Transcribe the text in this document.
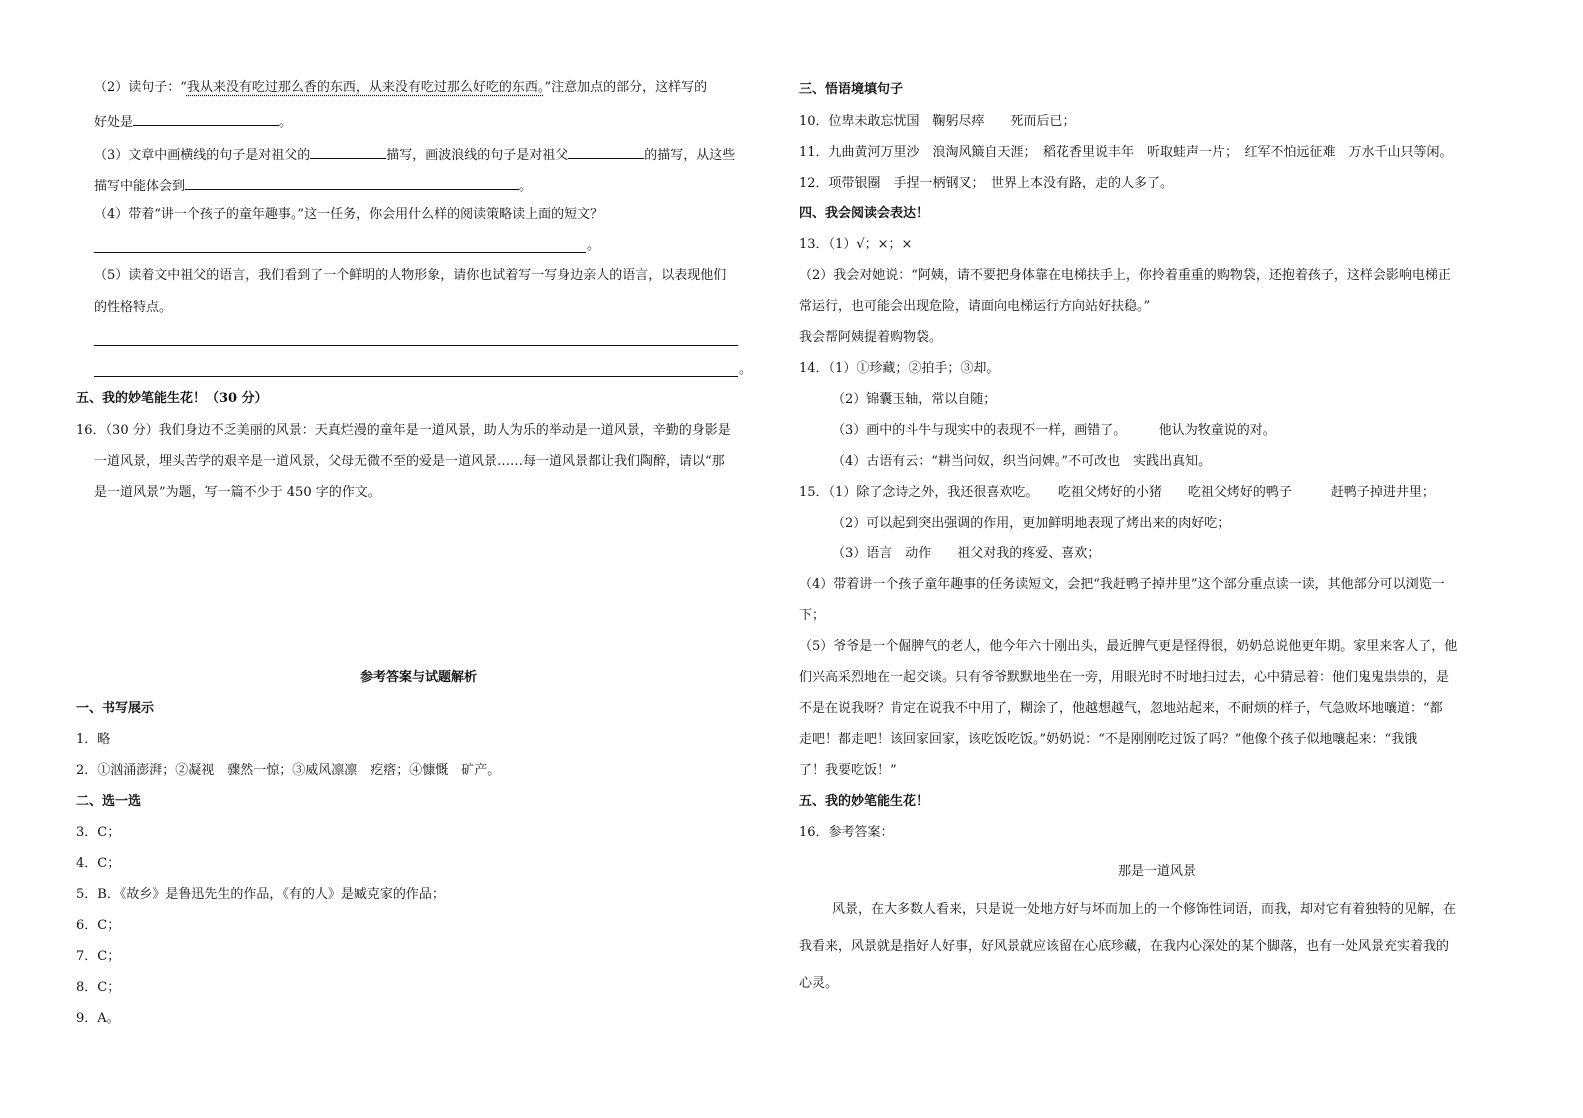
（2）读句子：“我从来没有吃过那么香的东西，从来没有吃过那么好吃的东西。”注意加点的部分，这样写的
好处是	。
（3）文章中画横线的句子是对祖父的	描写，画波浪线的句子是对祖父	的描写，从这些
描写中能体会到	。
（4）带着“讲一个孩子的童年趣事。”这一任务，你会用什么样的阅读策略读上面的短文？
。
（5）读着文中祖父的语言，我们看到了一个鲜明的人物形象，请你也试着写一写身边亲人的语言，以表现他们
的性格特点。
。
五、我的妙笔能生花！（30 分）
16．（30 分）我们身边不乏美丽的风景：天真烂漫的童年是一道风景，助人为乐的举动是一道风景，辛勤的身影是
一道风景，埋头苦学的艰辛是一道风景，父母无微不至的爱是一道风景……每一道风景都让我们陶醉，请以“那
是一道风景”为题，写一篇不少于 450 字的作文。
参考答案与试题解析
一、书写展示
1．略
2．①汹涌澎湃；②凝视　骤然一惊；③威风凛凛　疙瘩；④慷慨　矿产。
二、选一选
3．C；
4．C；
5．B．《故乡》是鲁迅先生的作品，《有的人》是臧克家的作品；
6．C；
7．C；
8．C；
9．A。
三、悟语境填句子
10．位卑未敢忘忧国　鞠躬尽瘁　　死而后已；
11．九曲黄河万里沙　浪淘风簸自天涯；　稻花香里说丰年　听取蛙声一片；　红军不怕远征难　万水千山只等闲。
12．项带银圈　手捏一柄钢叉；　世界上本没有路，走的人多了。
四、我会阅读会表达！
13．（1）√；×；×
（2）我会对她说：“阿姨，请不要把身体靠在电梯扶手上，你拎着重重的购物袋，还抱着孩子，这样会影响电梯正
常运行，也可能会出现危险，请面向电梯运行方向站好扶稳。”
我会帮阿姨提着购物袋。
14．（1）①珍藏；②拍手；③却。
（2）锦囊玉轴，常以自随；
（3）画中的斗牛与现实中的表现不一样，画错了。　　　他认为牧童说的对。
（4）古语有云：“耕当问奴，织当问婢。”不可改也　实践出真知。
15．（1）除了念诗之外，我还很喜欢吃。　　吃祖父烤好的小猪　　吃祖父烤好的鸭子　　　赶鸭子掉进井里；
（2）可以起到突出强调的作用，更加鲜明地表现了烤出来的肉好吃；
（3）语言　动作　　祖父对我的疼爱、喜欢；
（4）带着讲一个孩子童年趣事的任务读短文，会把“我赶鸭子掉井里”这个部分重点读一读，其他部分可以浏览一
下；
（5）爷爷是一个倔脾气的老人，他今年六十刚出头，最近脾气更是怪得很，奶奶总说他更年期。家里来客人了，他
们兴高采烈地在一起交谈。只有爷爷默默地坐在一旁，用眼光时不时地扫过去，心中猜忌着：他们鬼鬼祟祟的，是
不是在说我呀？肯定在说我不中用了，糊涂了，他越想越气，忽地站起来，不耐烦的样子，气急败坏地嚷道：“都
走吧！都走吧！该回家回家，该吃饭吃饭。”奶奶说：“不是刚刚吃过饭了吗？”他像个孩子似地嚷起来：“我饿
了！我要吃饭！”
五、我的妙笔能生花！
16．参考答案：
那是一道风景
风景，在大多数人看来，只是说一处地方好与坏而加上的一个修饰性词语，而我，却对它有着独特的见解，在
我看来，风景就是指好人好事，好风景就应该留在心底珍藏，在我内心深处的某个脚落，也有一处风景充实着我的
心灵。
